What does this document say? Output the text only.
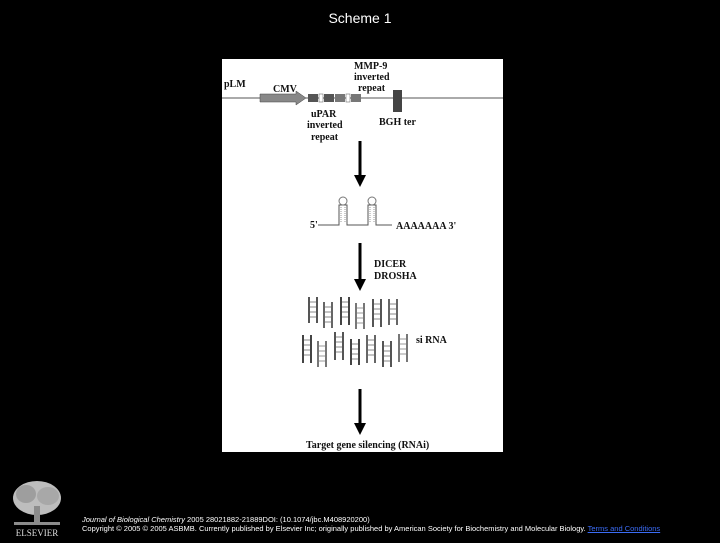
Scheme 1
pLM	CMV
MMP-9
inverted
repeat
uPAR
inverted
repeat
BGH ter
5'	AAAAAAA 3'
DICER
DROSHA
si RNA
Target gene silencing (RNAi)
ELSEVIER
Journal of Biological Chemistry 2005 28021882-21889DOI: (10.1074/jbc.M408920200)
Copyright © 2005 © 2005 ASBMB. Currently published by Elsevier Inc; originally published by American Society for Biochemistry and Molecular Biology. Terms and Conditions
